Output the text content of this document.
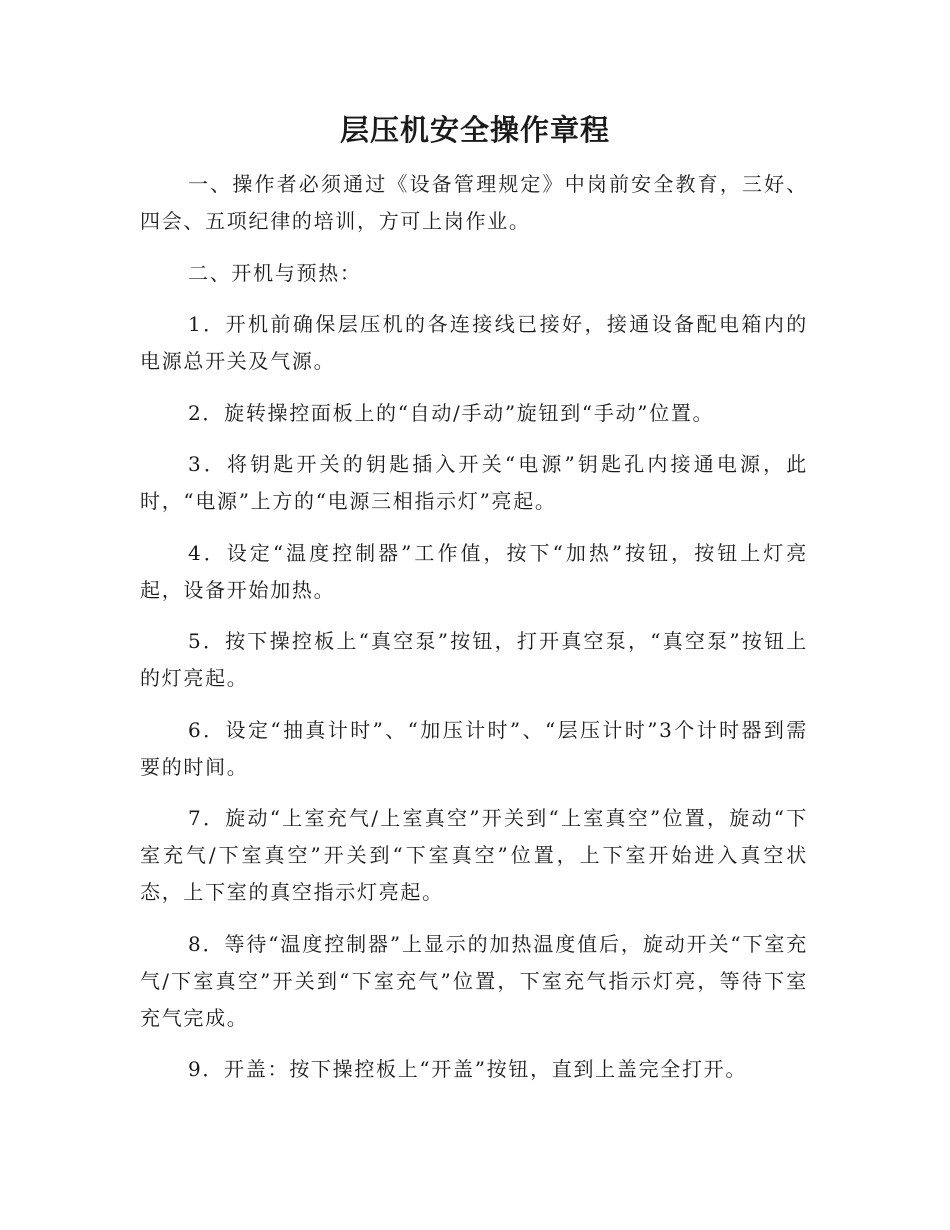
层压机安全操作章程

一、操作者必须通过《设备管理规定》中岗前安全教育，三好、四会、五项纪律的培训，方可上岗作业。

二、开机与预热：

1．开机前确保层压机的各连接线已接好，接通设备配电箱内的电源总开关及气源。

2．旋转操控面板上的“自动/手动”旋钮到“手动”位置。

3．将钥匙开关的钥匙插入开关“电源”钥匙孔内接通电源，此时，“电源”上方的“电源三相指示灯”亮起。

4．设定“温度控制器”工作值，按下“加热”按钮，按钮上灯亮起，设备开始加热。

5．按下操控板上“真空泵”按钮，打开真空泵，“真空泵”按钮上的灯亮起。

6．设定“抽真计时”、“加压计时”、“层压计时”3个计时器到需要的时间。

7．旋动“上室充气/上室真空”开关到“上室真空”位置，旋动“下室充气/下室真空”开关到“下室真空”位置，上下室开始进入真空状态，上下室的真空指示灯亮起。

8．等待“温度控制器”上显示的加热温度值后，旋动开关“下室充气/下室真空”开关到“下室充气”位置，下室充气指示灯亮，等待下室充气完成。

9．开盖：按下操控板上“开盖”按钮，直到上盖完全打开。
